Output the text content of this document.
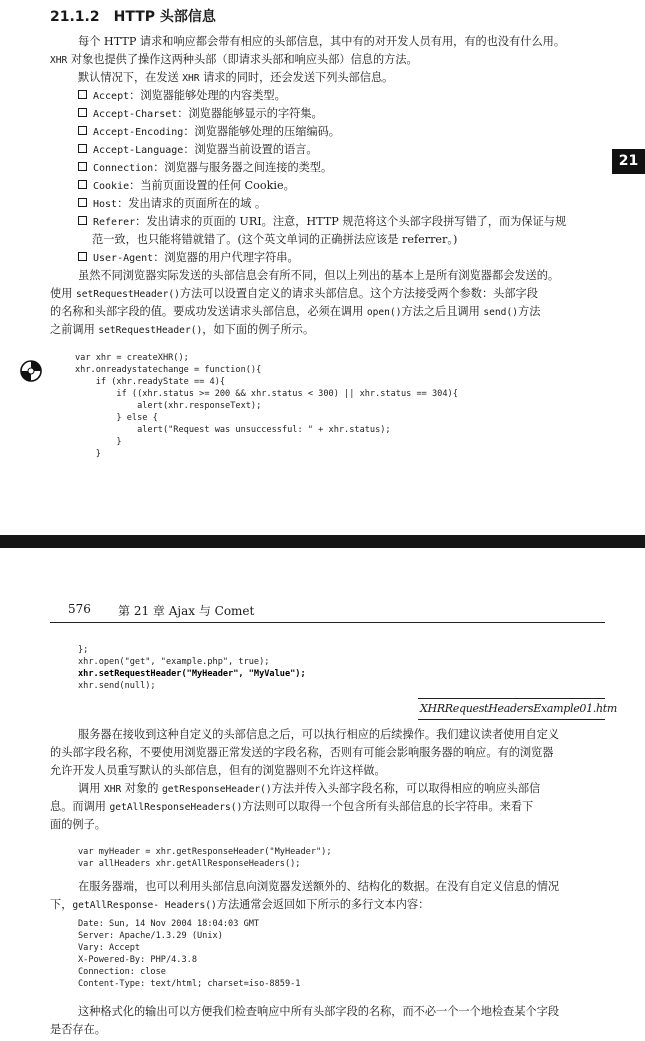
21.1.2 HTTP 头部信息
每个 HTTP 请求和响应都会带有相应的头部信息，其中有的对开发人员有用，有的也没有什么用。
XHR 对象也提供了操作这两种头部（即请求头部和响应头部）信息的方法。
默认情况下，在发送 XHR 请求的同时，还会发送下列头部信息。
Accept：浏览器能够处理的内容类型。
Accept-Charset：浏览器能够显示的字符集。
Accept-Encoding：浏览器能够处理的压缩编码。
Accept-Language：浏览器当前设置的语言。
Connection：浏览器与服务器之间连接的类型。
Cookie：当前页面设置的任何 Cookie。
Host：发出请求的页面所在的域 。
Referer：发出请求的页面的 URI。注意，HTTP 规范将这个头部字段拼写错了，而为保证与规
范一致，也只能将错就错了。(这个英文单词的正确拼法应该是 referrer。)
User-Agent：浏览器的用户代理字符串。
虽然不同浏览器实际发送的头部信息会有所不同，但以上列出的基本上是所有浏览器都会发送的。
使用 setRequestHeader()方法可以设置自定义的请求头部信息。这个方法接受两个参数：头部字段
的名称和头部字段的值。要成功发送请求头部信息，必须在调用 open()方法之后且调用 send()方法
之前调用 setRequestHeader()，如下面的例子所示。
var xhr = createXHR();
xhr.onreadystatechange = function(){
if (xhr.readyState == 4){
if ((xhr.status >= 200 && xhr.status < 300) || xhr.status == 304){
alert(xhr.responseText);
} else {
alert("Request was unsuccessful: " + xhr.status);
}
}
21
576 第 21 章 Ajax 与 Comet
};
xhr.open("get", "example.php", true);
xhr.setRequestHeader("MyHeader", "MyValue");
xhr.send(null);
XHRRequestHeadersExample01.htm
服务器在接收到这种自定义的头部信息之后，可以执行相应的后续操作。我们建议读者使用自定义
的头部字段名称，不要使用浏览器正常发送的字段名称，否则有可能会影响服务器的响应。有的浏览器
允许开发人员重写默认的头部信息，但有的浏览器则不允许这样做。
调用 XHR 对象的 getResponseHeader()方法并传入头部字段名称，可以取得相应的响应头部信
息。而调用 getAllResponseHeaders()方法则可以取得一个包含所有头部信息的长字符串。来看下
面的例子。
var myHeader = xhr.getResponseHeader("MyHeader");
var allHeaders xhr.getAllResponseHeaders();
在服务器端，也可以利用头部信息向浏览器发送额外的、结构化的数据。在没有自定义信息的情况
下，getAllResponse- Headers()方法通常会返回如下所示的多行文本内容：
Date: Sun, 14 Nov 2004 18:04:03 GMT
Server: Apache/1.3.29 (Unix)
Vary: Accept
X-Powered-By: PHP/4.3.8
Connection: close
Content-Type: text/html; charset=iso-8859-1
这种格式化的输出可以方便我们检查响应中所有头部字段的名称，而不必一个一个地检查某个字段
是否存在。
